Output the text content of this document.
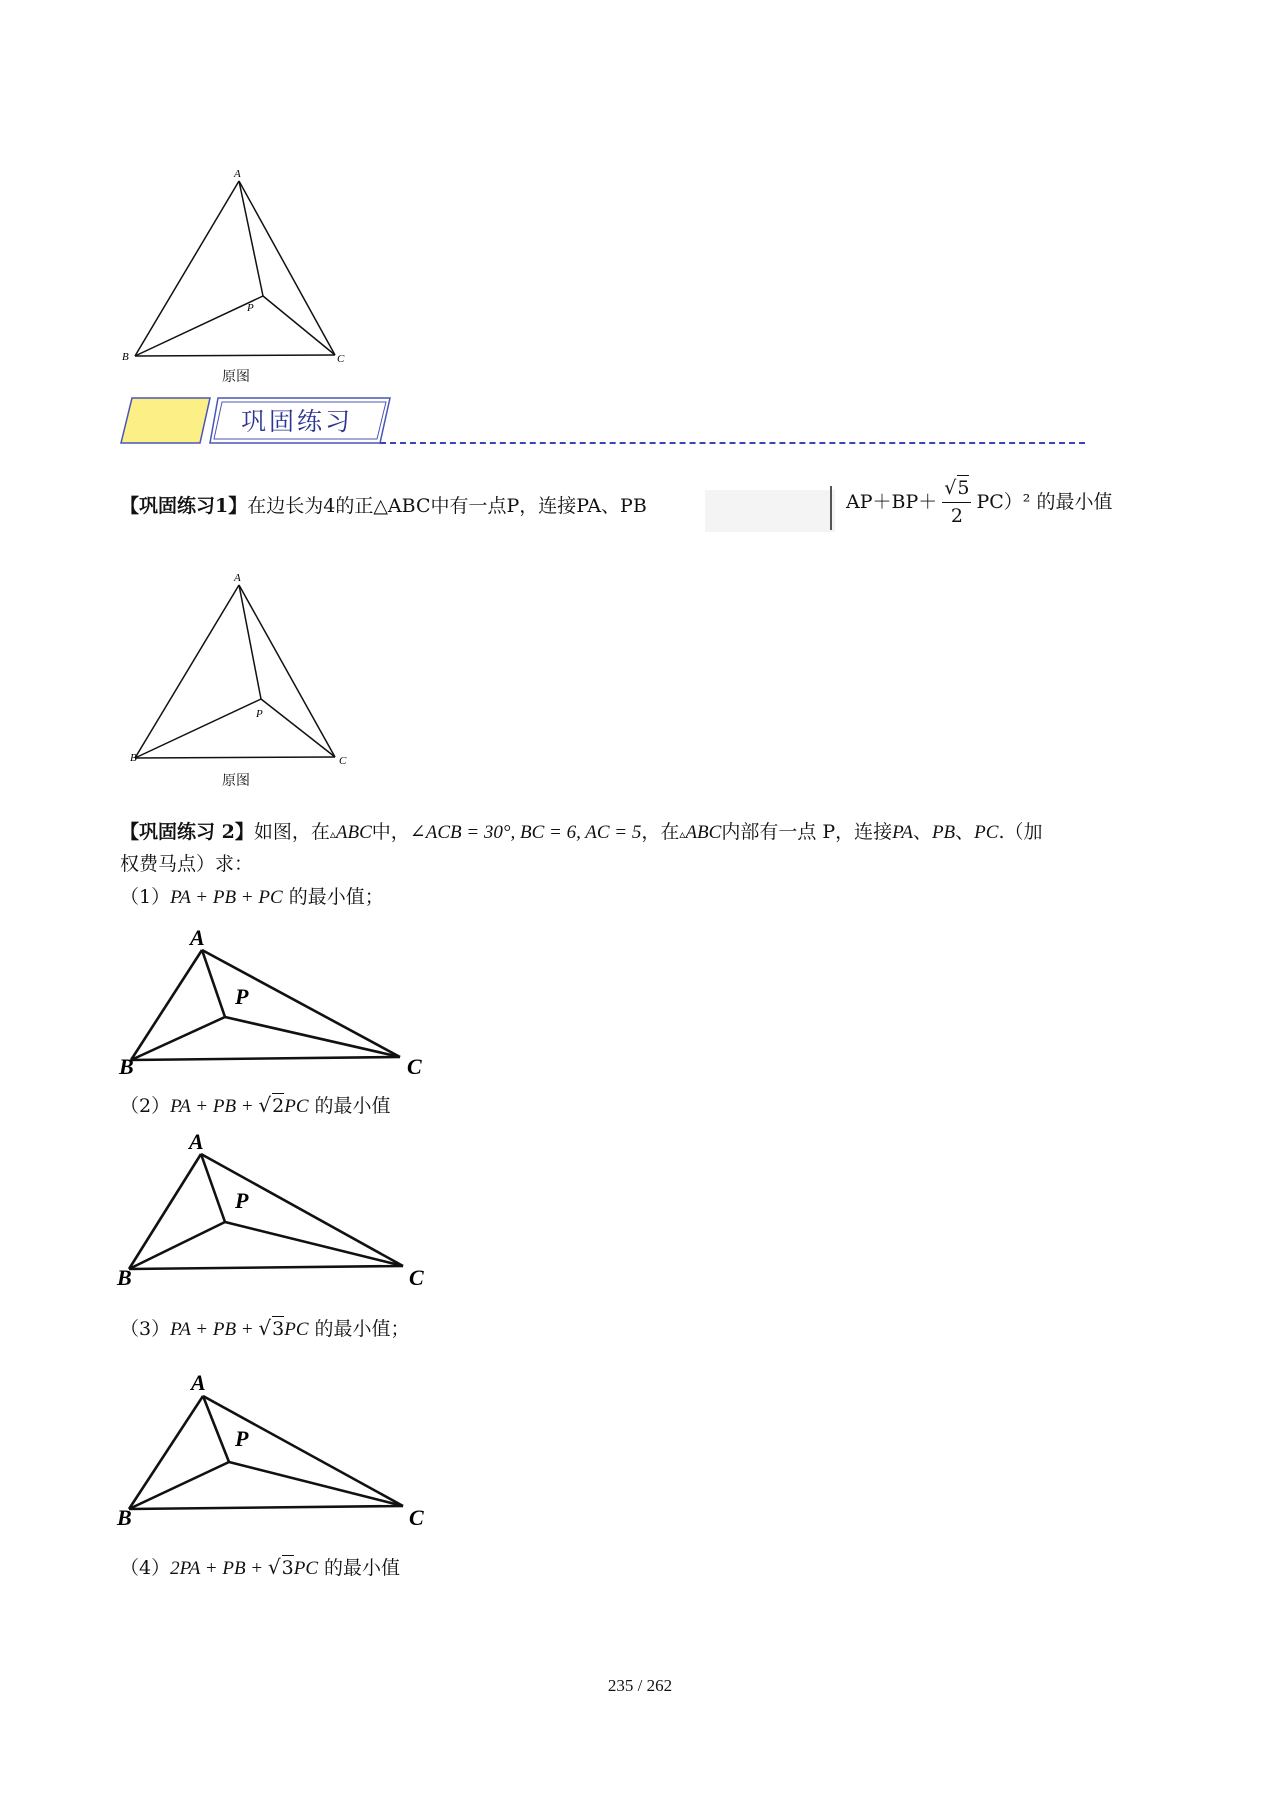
A
P
B	C
原图
巩固练习
【巩固练习1】在边长为4的正△ABC中有一点P，连接PA、PB	$AP+BP+ \frac{√5}{2} PC)^2$ 的最小值
A
P
B	C
原图
【巩固练习 2】如图，在▵ABC中，∠ACB = 30°, BC = 6, AC = 5，在▵ABC内部有一点 P，连接PA、PB、PC.（加
权费马点）求：
（1）PA + PB + PC 的最小值；
A
P
B	C
（2）PA + PB + √2PC 的最小值
A
P
B	C
（3）PA + PB + √3PC 的最小值；
A
P
B	C
（4）2PA + PB + √3PC 的最小值
235 / 262
